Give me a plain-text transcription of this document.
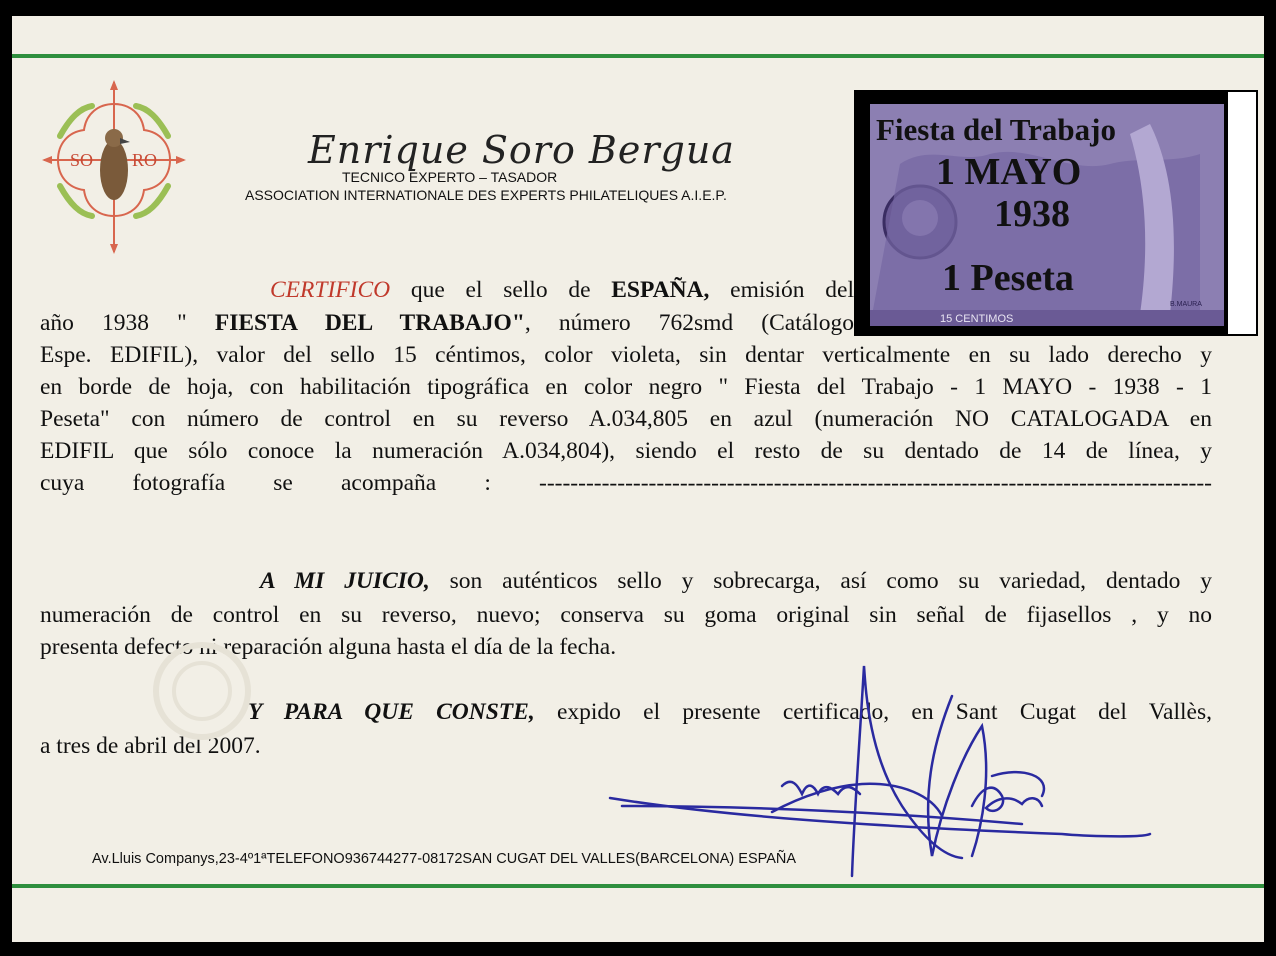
SO RO	Enrique Soro Bergua
TECNICO EXPERTO – TASADOR
ASSOCIATION INTERNATIONALE DES EXPERTS PHILATELIQUES A.I.E.P.
15 CENTIMOS
B.MAURA
Fiesta del Trabajo
1 MAYO
1938
1 Peseta
CERTIFICO que el sello de ESPAÑA, emisión del
año 1938 " FIESTA DEL TRABAJO", número 762smd (Catálogo
Espe. EDIFIL), valor del sello 15 céntimos, color violeta, sin dentar verticalmente en su lado derecho y
en borde de hoja, con habilitación tipográfica en color negro " Fiesta del Trabajo - 1 MAYO - 1938 - 1
Peseta" con número de control en su reverso A.034,805 en azul (numeración NO CATALOGADA en
EDIFIL que sólo conoce la numeración A.034,804), siendo el resto de su dentado de 14 de línea, y
cuya fotografía se acompaña : --------------------------------------------------------------------------------------
A MI JUICIO, son auténticos sello y sobrecarga, así como su variedad, dentado y
numeración de control en su reverso, nuevo; conserva su goma original sin señal de fijasellos , y no
presenta defecto ni reparación alguna hasta el día de la fecha.
Y PARA QUE CONSTE, expido el presente certificado, en Sant Cugat del Vallès,
a tres de abril del 2007.
Av.Lluis Companys,23-4º1ªTELEFONO936744277-08172SAN CUGAT DEL VALLES(BARCELONA) ESPAÑA
